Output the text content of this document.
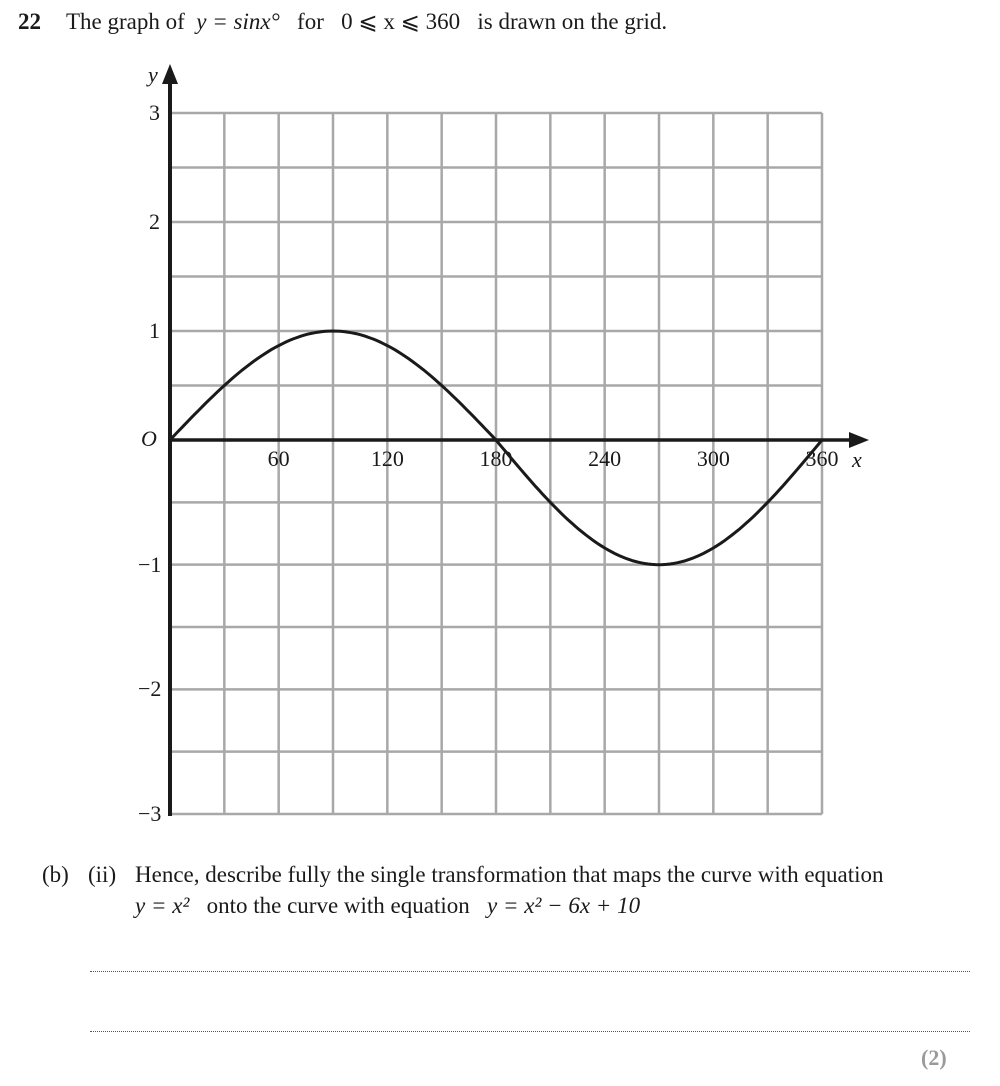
22 The graph of y = sinx° for 0 ⩽ x ⩽ 360 is drawn on the grid.
60	120	180	240	300	360
3
2
1
−1
−2
−3
O
x
y
(b) (ii) Hence, describe fully the single transformation that maps the curve with equation
y = x² onto the curve with equation y = x² − 6x + 10
(2)
